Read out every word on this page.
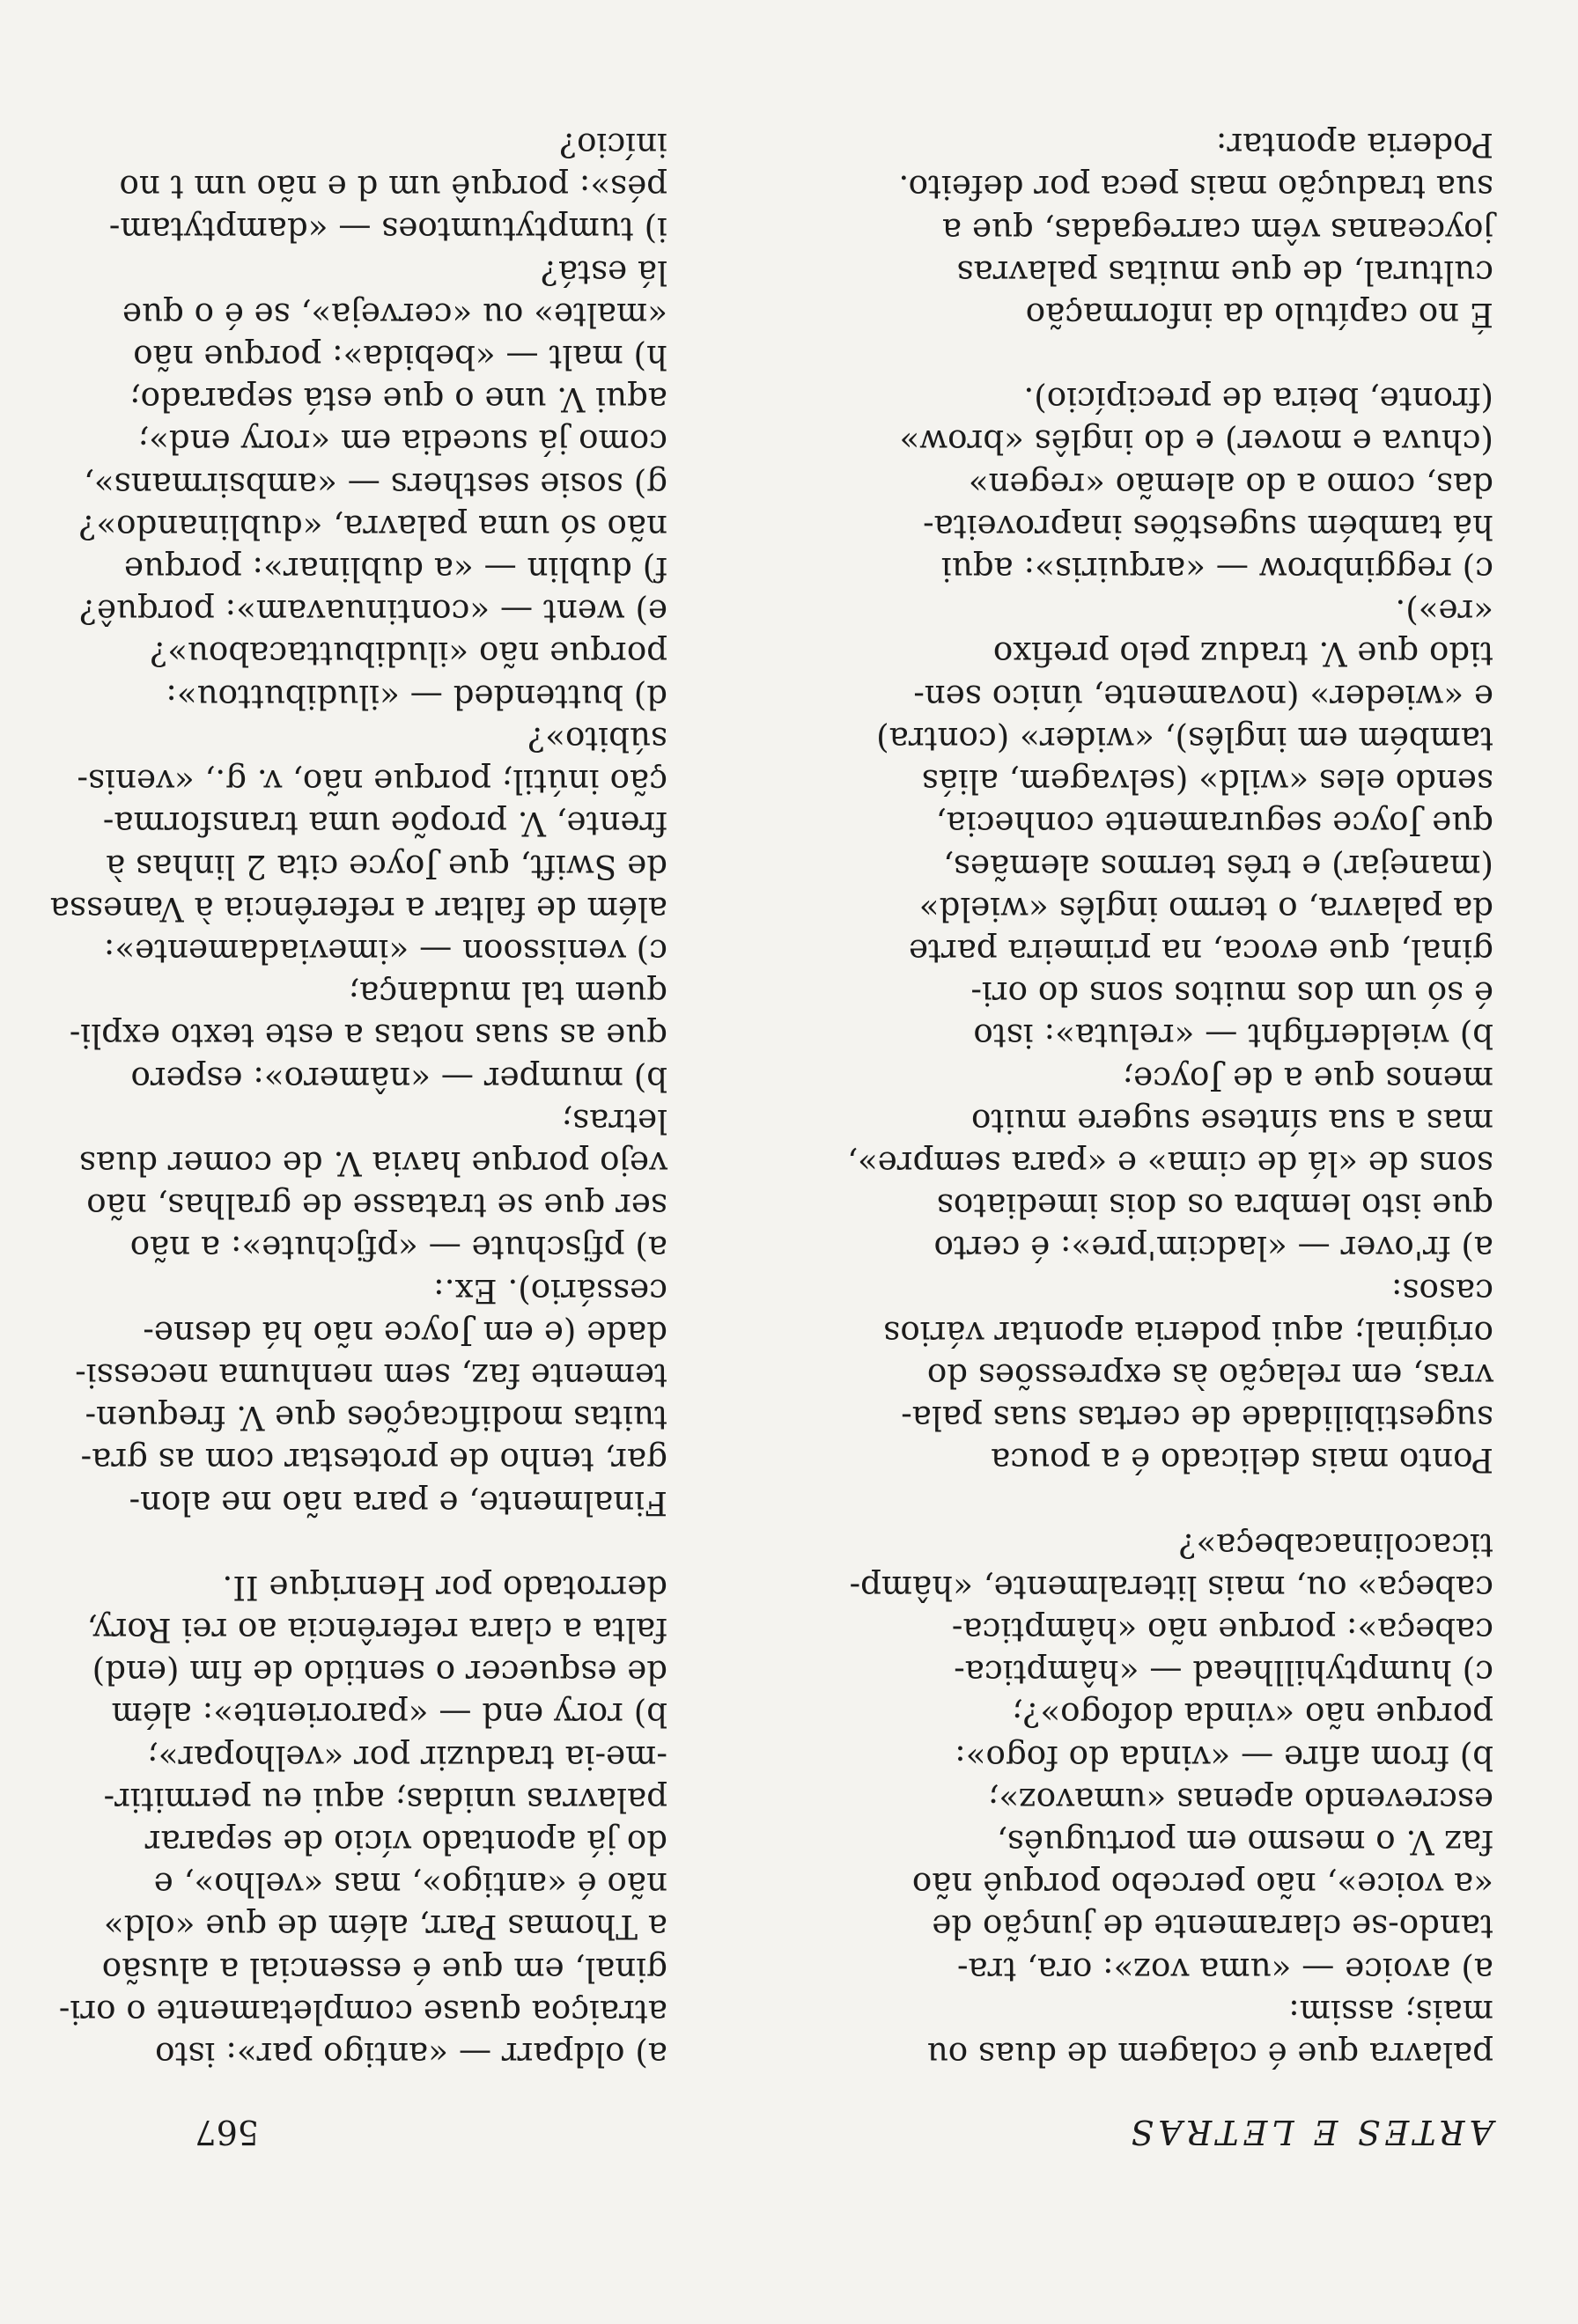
ARTES E LETRAS
567
palavra que é colagem de duas ou
mais; assim:
a) avoice — «uma voz»: ora, tra-
tando-se claramente de junção de
«a voice», não percebo porquê não
faz V. o mesmo em português,
escrevendo apenas «umavoz»;
b) from afire — «vinda do fogo»:
porque não «vinda dofogo»?;
c) humptyhillhead — «hâmptica-
cabeça»: porque não «hâmptica-
cabeça» ou, mais literalmente, «hâmp-
ticacolinacabeça»?
Ponto mais delicado é a pouca
sugestibilidade de certas suas pala-
vras, em relação às expressões do
original; aqui poderia apontar vários
casos:
a) fr'over — «ladcim'pre»: é certo
que isto lembra os dois imediatos
sons de «lá de cima» e «para sempre»,
mas a sua síntese sugere muito
menos que a de Joyce;
b) wielderfight — «reluta»: isto
é só um dos muitos sons do ori-
ginal, que evoca, na primeira parte
da palavra, o termo inglês «wield»
(manejar) e três termos alemães,
que Joyce seguramente conhecia,
sendo eles «wild» (selvagem, aliás
também em inglês), «wider» (contra)
e «wieder» (novamente, único sen-
tido que V. traduz pelo prefixo
«re»).
c) regginbrow — «arquiris»: aqui
há também sugestões inaproveita-
das, como a do alemão «regen»
(chuva e mover) e do inglês «brow»
(fronte, beira de precipício).
É no capítulo da informação
cultural, de que muitas palavras
joyceanas vêm carregadas, que a
sua tradução mais peca por defeito.
Poderia apontar:
a) oldparr — «antigo par»: isto
atraiçoa quase completamente o ori-
ginal, em que é essencial a alusão
a Thomas Parr, além de que «old»
não é «antigo», mas «velho», e
do já apontado vício de separar
palavras unidas; aqui eu permitir-
-me-ia traduzir por «velhopar»;
b) rory end — «parorientе»: além
de esquecer o sentido de fim (end)
falta a clara referência ao rei Rory,
derrotado por Henrique II.
Finalmente, e para não me alon-
gar, tenho de protestar com as gra-
tuitas modificações que V. frequen-
temente faz, sem nenhuma necessi-
dade (e em Joyce não há desne-
cessário). Ex.:
a) pfjschute — «pfjchute»: a não
ser que se tratasse de gralhas, não
vejo porque havia V. de comer duas
letras;
b) mumper — «nâmero»: espero
que as suas notas a este texto expli-
quem tal mudança;
c) venissoon — «imeviadamente»:
além de faltar a referência à Vanessa
de Swift, que Joyce cita 2 linhas à
frente, V. propõe uma transforma-
ção inútil; porque não, v. g., «venis-
súbito»?
d) buttended — «iludibuttou»:
porque não «iludibuttacabou»?
e) went — «continuavam»: porquê?
f) dublin — «a dublinar»: porque
não só uma palavra, «dublinando»?
g) sosie sesthers — «ambsirmans»,
como já sucedia em «rory end»;
aqui V. une o que está separado;
h) malt — «bebida»: porque não
«malte» ou «cerveja», se é o que
lá está?
i) tumptytumtoes — «damptytam-
pés»: porquê um d e não um t no
início?
